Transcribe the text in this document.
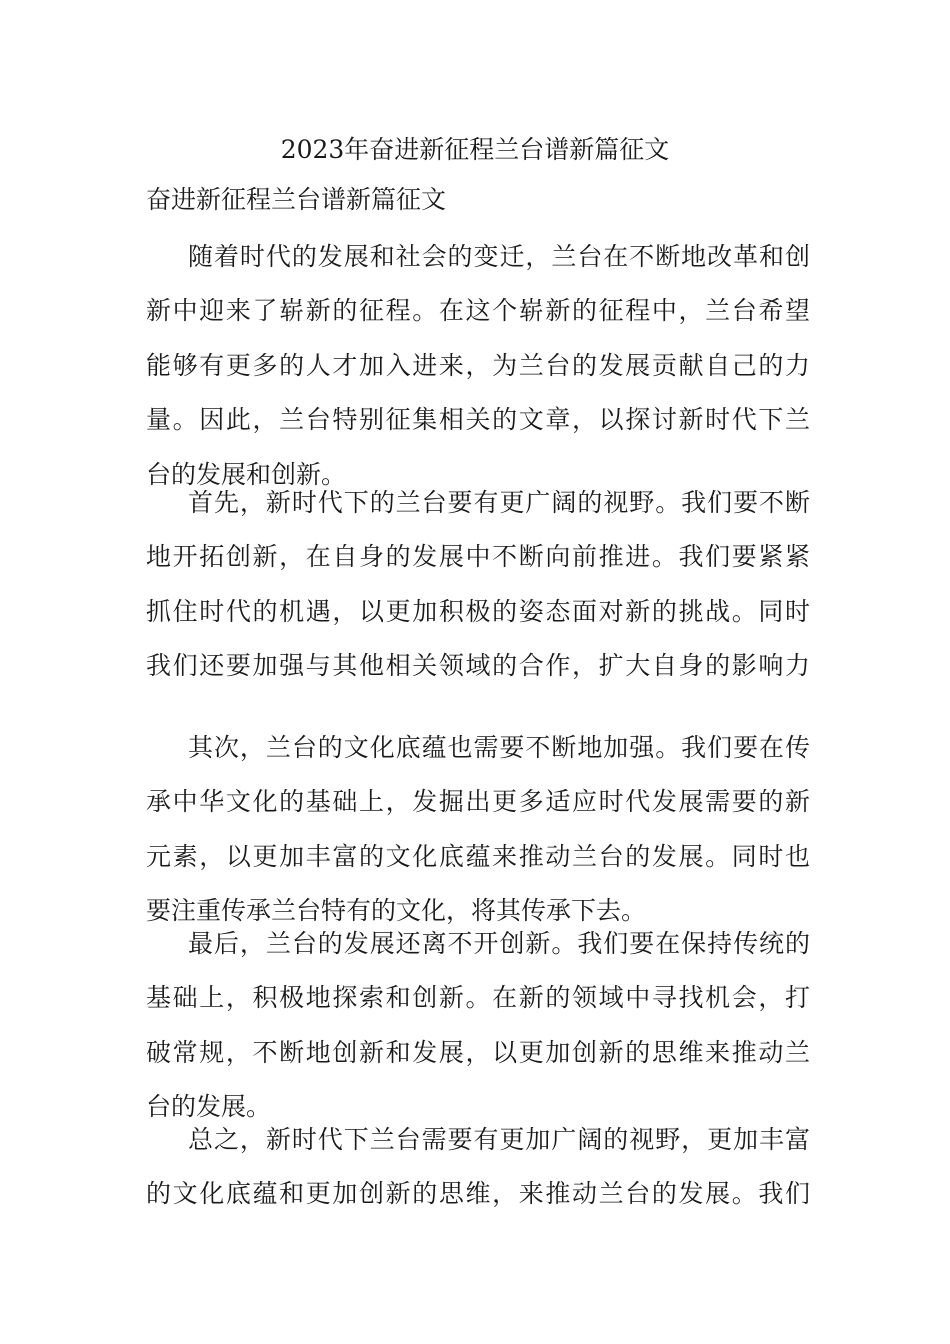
2023年奋进新征程兰台谱新篇征文
奋进新征程兰台谱新篇征文
随着时代的发展和社会的变迁，兰台在不断地改革和创
新中迎来了崭新的征程。在这个崭新的征程中，兰台希望
能够有更多的人才加入进来，为兰台的发展贡献自己的力
量。因此，兰台特别征集相关的文章，以探讨新时代下兰
台的发展和创新。
首先，新时代下的兰台要有更广阔的视野。我们要不断
地开拓创新，在自身的发展中不断向前推进。我们要紧紧
抓住时代的机遇，以更加积极的姿态面对新的挑战。同时
我们还要加强与其他相关领域的合作，扩大自身的影响力
其次，兰台的文化底蕴也需要不断地加强。我们要在传
承中华文化的基础上，发掘出更多适应时代发展需要的新
元素，以更加丰富的文化底蕴来推动兰台的发展。同时也
要注重传承兰台特有的文化，将其传承下去。
最后，兰台的发展还离不开创新。我们要在保持传统的
基础上，积极地探索和创新。在新的领域中寻找机会，打
破常规，不断地创新和发展，以更加创新的思维来推动兰
台的发展。
总之，新时代下兰台需要有更加广阔的视野，更加丰富
的文化底蕴和更加创新的思维，来推动兰台的发展。我们
